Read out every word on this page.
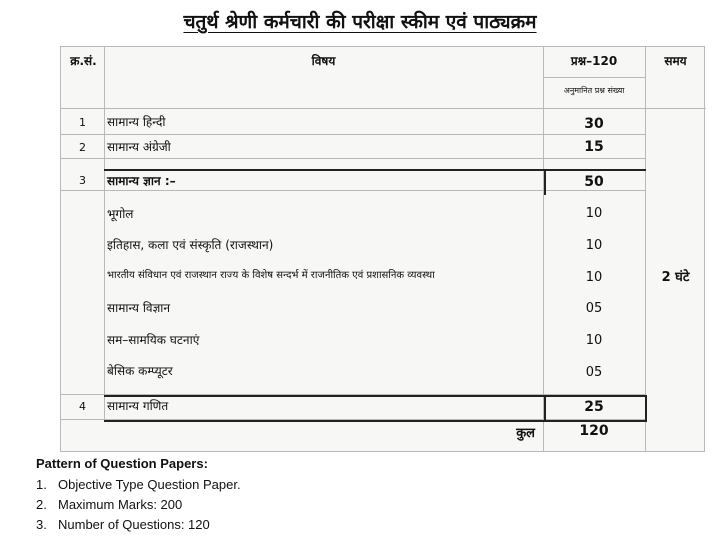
चतुर्थ श्रेणी कर्मचारी की परीक्षा स्कीम एवं पाठ्यक्रम
क्र.सं.	विषय	प्रश्न–120
अनुमानित प्रश्न संख्या
समय
1	सामान्य हिन्दी	30
2	सामान्य अंग्रेजी	15
3	सामान्य ज्ञान :–	50
भूगोल	10
इतिहास, कला एवं संस्कृति (राजस्थान)	10
भारतीय संविधान एवं राजस्थान राज्य के विशेष सन्दर्भ में राजनीतिक एवं प्रशासनिक व्यवस्था	10
सामान्य विज्ञान	05
सम–सामयिक घटनाएं	10
बेसिक कम्प्यूटर	05
4	सामान्य गणित	25
2 घंटे
कुल	120
Pattern of Question Papers:
1. Objective Type Question Paper.
2. Maximum Marks: 200
3. Number of Questions: 120
